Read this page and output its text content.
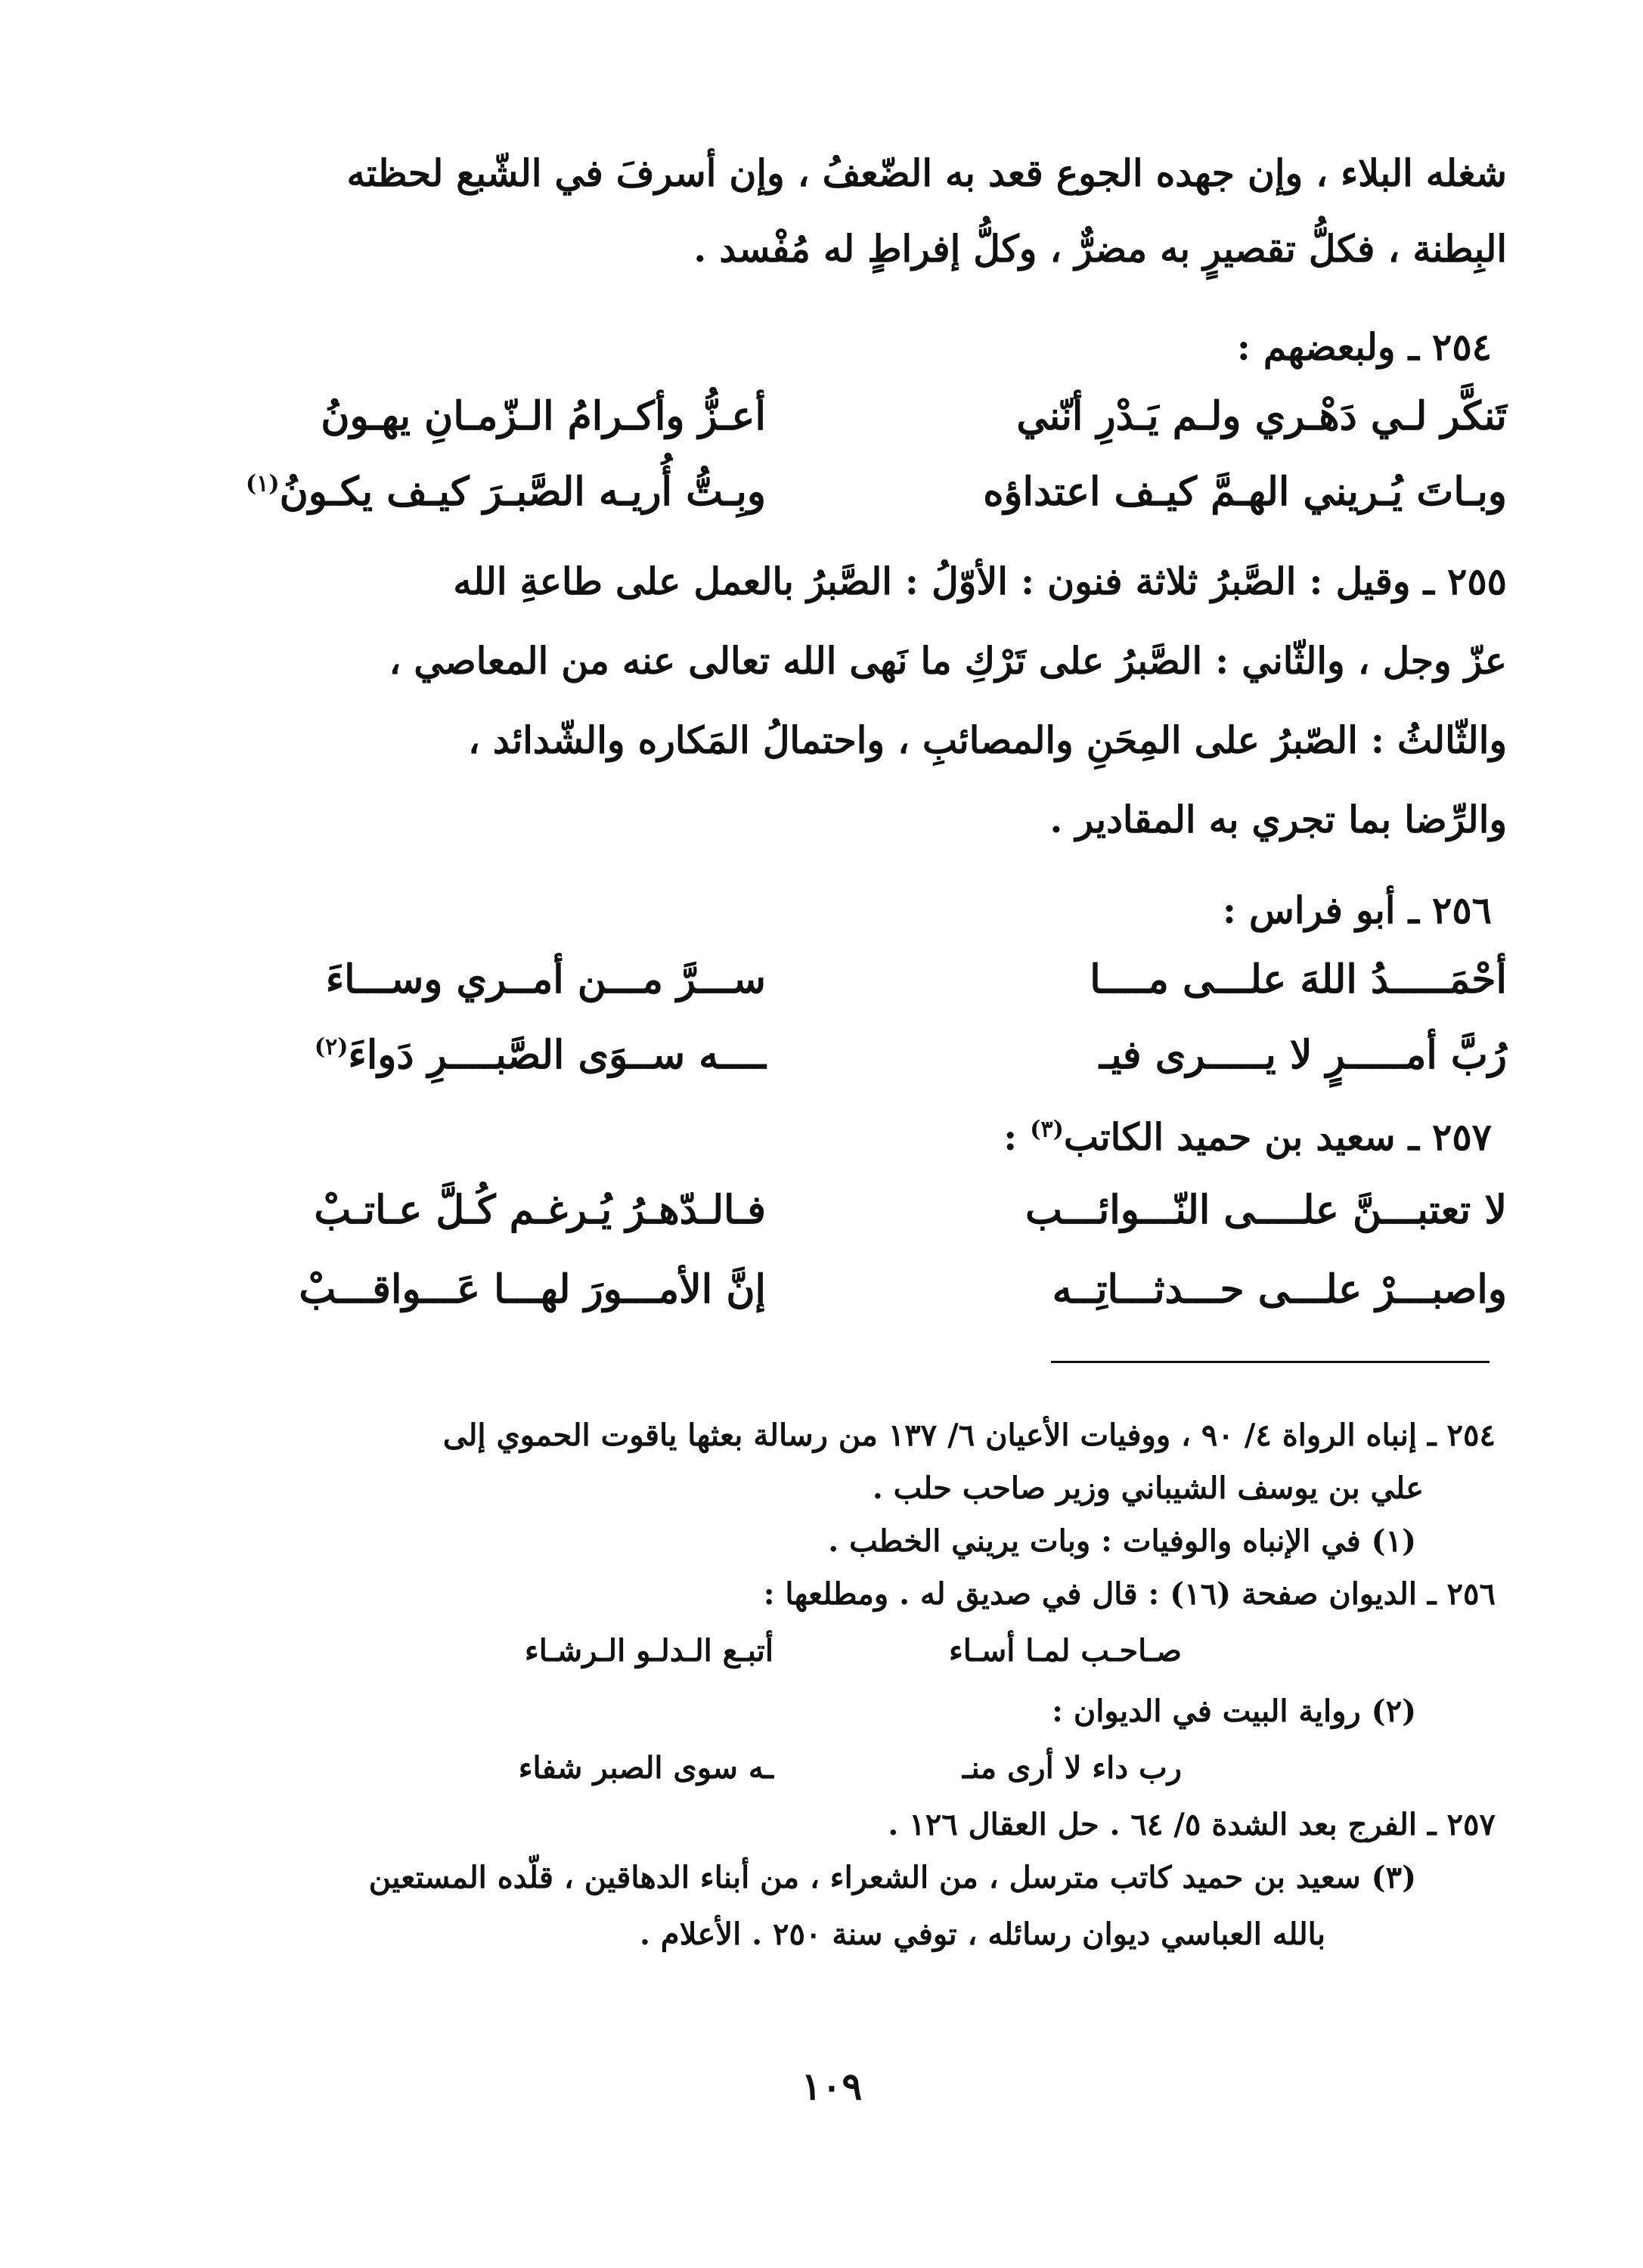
شغله البلاء ، وإن جهده الجوع قعد به الضّعفُ ، وإن أسرفَ في الشّبع لحظته
البِطنة ، فكلُّ تقصيرٍ به مضرٌّ ، وكلُّ إفراطٍ له مُفْسد .
٢٥٤ ـ ولبعضهم :
تَنكَّر لـي دَهْـري ولـم يَـدْرِ أنّني
أعـزُّ وأكـرامُ الـزّمـانِ يهـونُ
وبـاتَ يُـريني الهـمَّ كيـف اعتداؤه
وبِـتُّ أُريـه الصَّبـرَ كيـف يكـونُ$^{(١)}$
٢٥٥ ـ وقيل : الصَّبرُ ثلاثة فنون : الأوّلُ : الصَّبرُ بالعمل على طاعةِ الله
عزّ وجل ، والثّاني : الصَّبرُ على تَرْكِ ما نَهى الله تعالى عنه من المعاصي ،
والثّالثُ : الصّبرُ على المِحَنِ والمصائبِ ، واحتمالُ المَكاره والشّدائد ،
والرِّضا بما تجري به المقادير .
٢٥٦ ـ أبو فراس :
أحْمَـــــدُ اللهَ علـــى مــــا
ســـرَّ مـــن أمــري وســـاءَ
رُبَّ أمـــــرٍ لا يـــــرى فيـ
ــــه ســوَى الصَّبــــرِ دَواءَ$^{(٢)}$
٢٥٧ ـ سعيد بن حميد الكاتب$^{(٣)}$ :
لا تعتبـــنَّ علــــى النّـــوائـــب
فـالـدّهـرُ يُـرغـم كُـلَّ عـاتـبْ
واصبـــرْ علـــى حـــدثـــاتِــه
إنَّ الأمـــورَ لهـــا عَـــواقـــبْ
٢٥٤ ـ إنباه الرواة ٤/ ٩٠ ، ووفيات الأعيان ٦/ ١٣٧ من رسالة بعثها ياقوت الحموي إلى
علي بن يوسف الشيباني وزير صاحب حلب .
(١) في الإنباه والوفيات : وبات يريني الخطب .
٢٥٦ ـ الديوان صفحة (١٦) : قال في صديق له . ومطلعها :
صـاحـب لمـا أسـاء
أتبـع الـدلـو الـرشـاء
(٢) رواية البيت في الديوان :
رب داء لا أرى منـ
ـه سوى الصبر شفاء
٢٥٧ ـ الفرج بعد الشدة ٥/ ٦٤ . حل العقال ١٢٦ .
(٣) سعيد بن حميد كاتب مترسل ، من الشعراء ، من أبناء الدهاقين ، قلّده المستعين
بالله العباسي ديوان رسائله ، توفي سنة ٢٥٠ . الأعلام .
١٠٩
